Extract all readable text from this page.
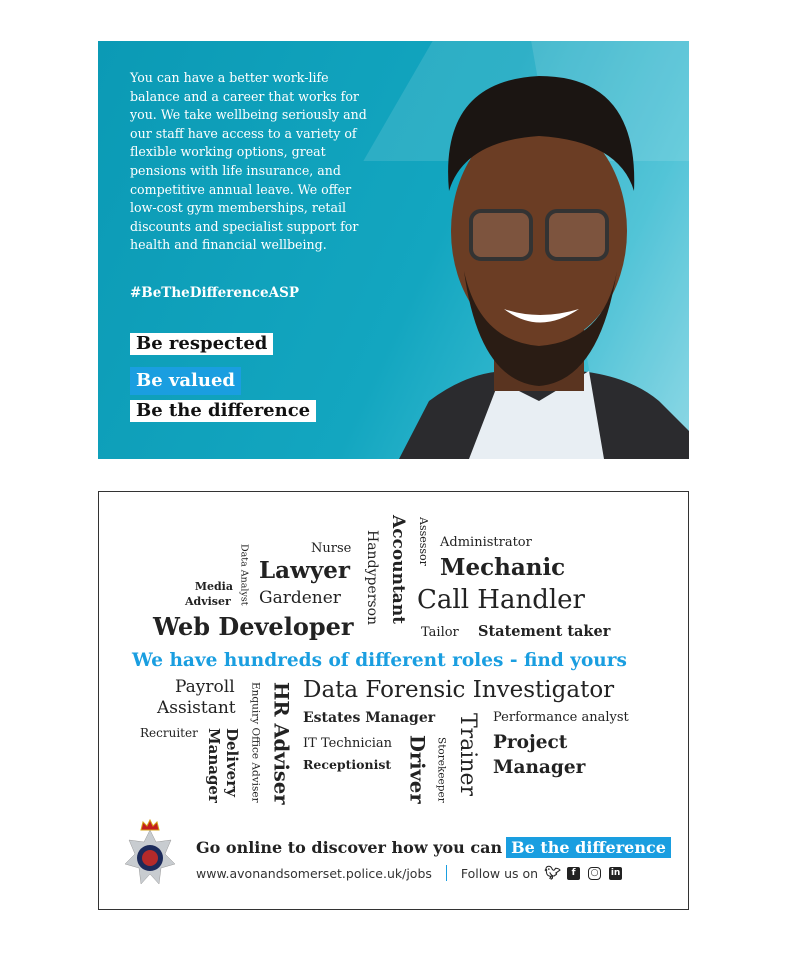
You can have a better work-life balance and a career that works for you. We take wellbeing seriously and our staff have access to a variety of flexible working options, great pensions with life insurance, and competitive annual leave. We offer low-cost gym memberships, retail discounts and specialist support for health and financial wellbeing.
#BeTheDifferenceASP
Be respected
Be valued
Be the difference
Nurse
Lawyer
Media
Adviser Data Analyst Gardener
Web Developer
Handyperson Accountant Assessor Administrator
Mechanic
Call Handler
Tailor Statement taker
We have hundreds of different roles - find yours
Payroll
Assistant
Recruiter Delivery
Manager	Enquiry Office Adviser HR Adviser Data Forensic Investigator
Estates Manager
IT Technician
Receptionist Driver Storekeeper Trainer Performance analyst
Project
Manager
Go online to discover how you can Be the difference
www.avonandsomerset.police.uk/jobs Follow us on 🐦︎	f	○ in
